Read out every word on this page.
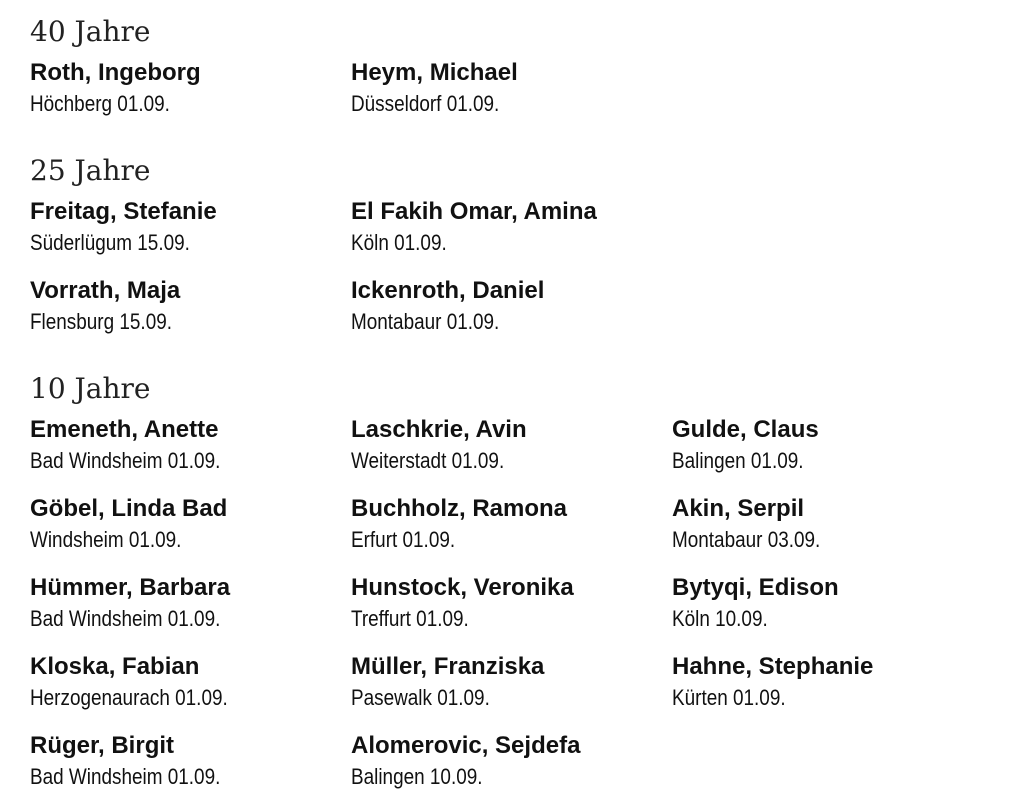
40 Jahre
Roth, Ingeborg
Höchberg 01.09.
Heym, Michael
Düsseldorf 01.09.
25 Jahre
Freitag, Stefanie
Süderlügum 15.09.
El Fakih Omar, Amina
Köln 01.09.
Vorrath, Maja
Flensburg 15.09.
Ickenroth, Daniel
Montabaur 01.09.
10 Jahre
Emeneth, Anette
Bad Windsheim 01.09.
Laschkrie, Avin
Weiterstadt 01.09.
Gulde, Claus
Balingen 01.09.
Göbel, Linda Bad
Windsheim 01.09.
Buchholz, Ramona
Erfurt 01.09.
Akin, Serpil
Montabaur 03.09.
Hümmer, Barbara
Bad Windsheim 01.09.
Hunstock, Veronika
Treffurt 01.09.
Bytyqi, Edison
Köln 10.09.
Kloska, Fabian
Herzogenaurach 01.09.
Müller, Franziska
Pasewalk 01.09.
Hahne, Stephanie
Kürten 01.09.
Rüger, Birgit
Bad Windsheim 01.09.
Alomerovic, Sejdefa
Balingen 10.09.
